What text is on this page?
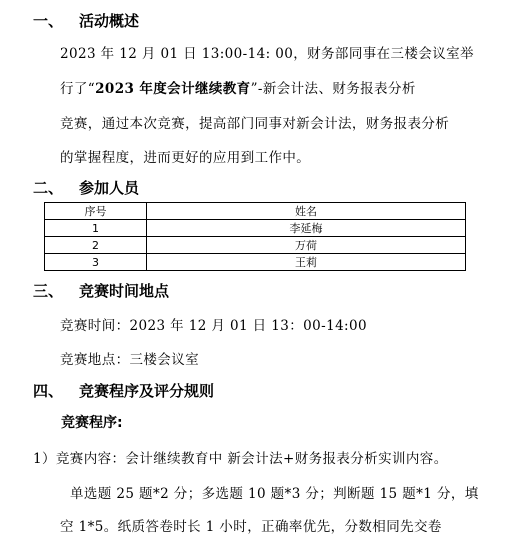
一、 活动概述
2023 年 12 月 01 日 13:00-14: 00，财务部同事在三楼会议室举
行了“2023 年度会计继续教育”-新会计法、财务报表分析
竞赛，通过本次竞赛，提高部门同事对新会计法，财务报表分析
的掌握程度，进而更好的应用到工作中。
二、 参加人员
序号	姓名
1	李延梅
2	万荷
3	王莉
三、 竞赛时间地点
竞赛时间：2023 年 12 月 01 日 13：00-14:00
竞赛地点：三楼会议室
四、 竞赛程序及评分规则
竞赛程序:
1）竞赛内容：会计继续教育中 新会计法+财务报表分析实训内容。
单选题 25 题*2 分；多选题 10 题*3 分；判断题 15 题*1 分，填
空 1*5。纸质答卷时长 1 小时，正确率优先，分数相同先交卷
